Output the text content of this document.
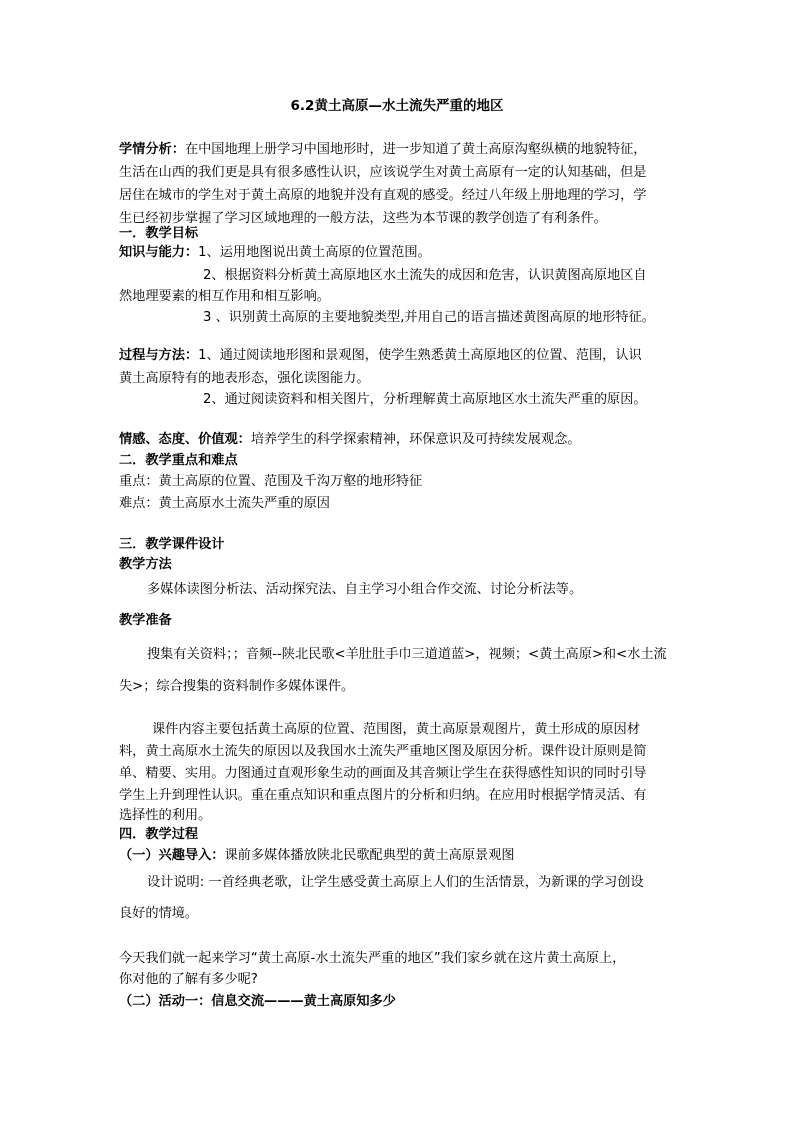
6.2黄土高原—水土流失严重的地区
学情分析：在中国地理上册学习中国地形时，进一步知道了黄土高原沟壑纵横的地貌特征，
生活在山西的我们更是具有很多感性认识，应该说学生对黄土高原有一定的认知基础，但是
居住在城市的学生对于黄土高原的地貌并没有直观的感受。经过八年级上册地理的学习，学
生已经初步掌握了学习区域地理的一般方法，这些为本节课的教学创造了有利条件。
一．教学目标
知识与能力：1、运用地图说出黄土高原的位置范围。
2、根据资料分析黄土高原地区水土流失的成因和危害，认识黄图高原地区自
然地理要素的相互作用和相互影响。
3 、识别黄土高原的主要地貌类型,并用自己的语言描述黄图高原的地形特征。
过程与方法：1、通过阅读地形图和景观图，使学生熟悉黄土高原地区的位置、范围，认识
黄土高原特有的地表形态，强化读图能力。
2、通过阅读资料和相关图片，分析理解黄土高原地区水土流失严重的原因。
情感、态度、价值观：培养学生的科学探索精神，环保意识及可持续发展观念。
二．教学重点和难点
重点：黄土高原的位置、范围及千沟万壑的地形特征
难点：黄土高原水土流失严重的原因
三．教学课件设计
教学方法
多媒体读图分析法、活动探究法、自主学习小组合作交流、讨论分析法等。
教学准备
搜集有关资料；；音频--陕北民歌<羊肚肚手巾三道道蓝>，视频；<黄土高原>和<水土流
失>；综合搜集的资料制作多媒体课件。
课件内容主要包括黄土高原的位置、范围图，黄土高原景观图片，黄土形成的原因材
料，黄土高原水土流失的原因以及我国水土流失严重地区图及原因分析。课件设计原则是简
单、精要、实用。力图通过直观形象生动的画面及其音频让学生在获得感性知识的同时引导
学生上升到理性认识。重在重点知识和重点图片的分析和归纳。在应用时根据学情灵活、有
选择性的利用。
四．教学过程
（一）兴趣导入：课前多媒体播放陕北民歌配典型的黄土高原景观图
设计说明: 一首经典老歌，让学生感受黄土高原上人们的生活情景，为新课的学习创设
良好的情境。
今天我们就一起来学习“黄土高原-水土流失严重的地区”我们家乡就在这片黄土高原上，
你对他的了解有多少呢?
（二）活动一：信息交流———黄土高原知多少
